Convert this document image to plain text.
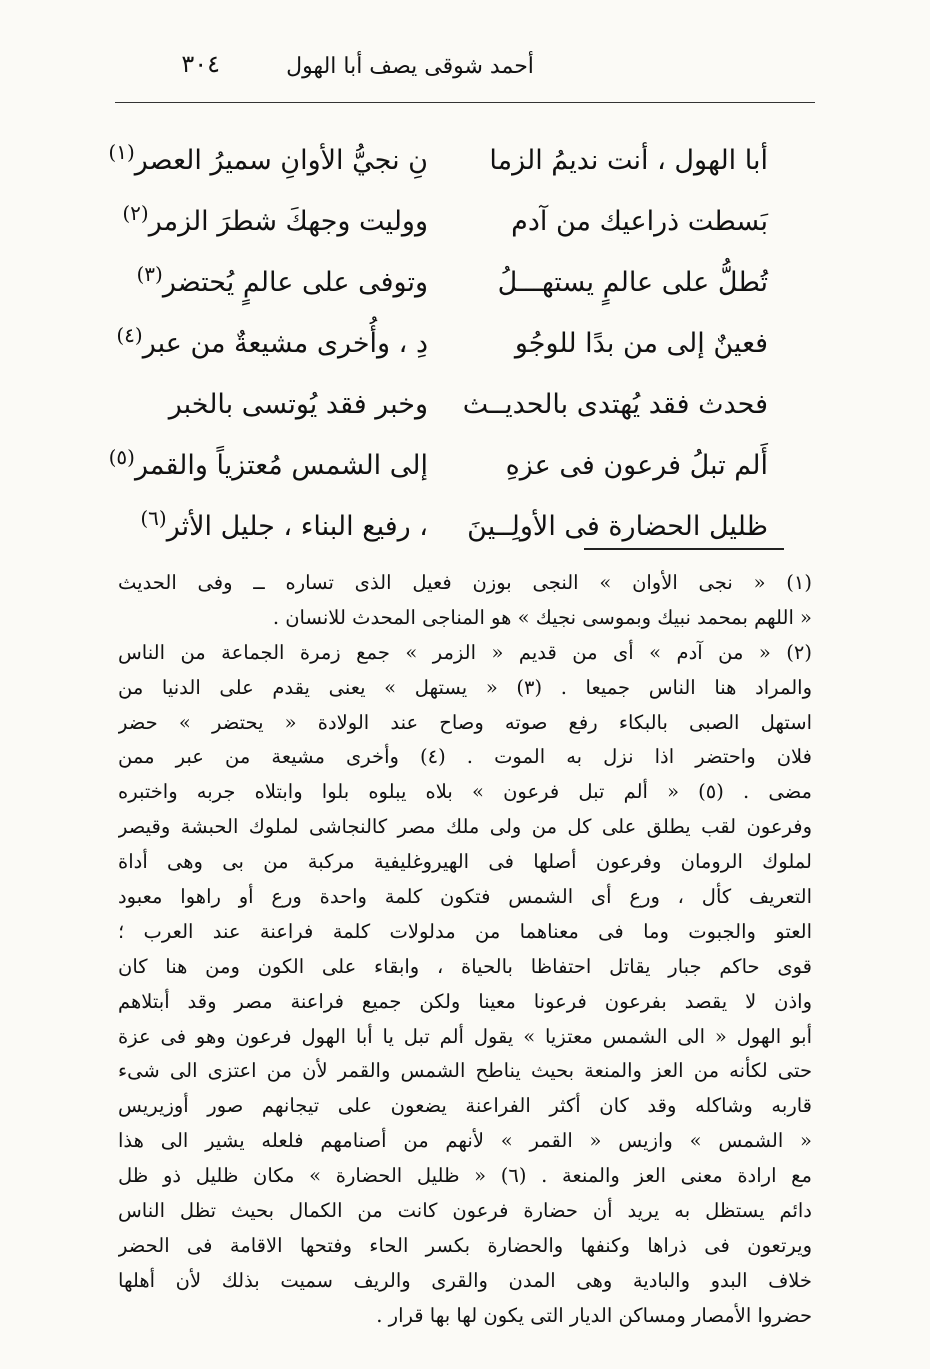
٣٠٤	أحمد شوقى يصف أبا الهول
أبا الهول ، أنت نديمُ الزما
نِ نجيُّ الأوانِ سميرُ العصر$^{(١)}$
بَسطت ذراعيك من آدم
ووليت وجهكَ شطرَ الزمر$^{(٢)}$
تُطلُّ على عالمٍ يستهـــلُ
وتوفى على عالمٍ يُحتضر$^{(٣)}$
فعينٌ إلى من بدًا للوجُو
دِ ، وأُخرى مشيعةٌ من عبر$^{(٤)}$
فحدث فقد يُهتدى بالحديــث
وخبر فقد يُوتسى بالخبر
أَلم تبلُ فرعون فى عزهِ
إلى الشمس مُعتزياً والقمر$^{(٥)}$
ظليل الحضارة فى الأولِــينَ
، رفيع البناء ، جليل الأثر$^{(٦)}$
(١) « نجى الأوان » النجى بوزن فعيل الذى تساره ــ وفى الحديث
« اللهم بمحمد نبيك وبموسى نجيك » هو المناجى المحدث للانسان .
(٢) « من آدم » أى من قديم « الزمر » جمع زمرة الجماعة من الناس
والمراد هنا الناس جميعا . (٣) « يستهل » يعنى يقدم على الدنيا من
استهل الصبى بالبكاء رفع صوته وصاح عند الولادة « يحتضر » حضر
فلان واحتضر اذا نزل به الموت . (٤) وأخرى مشيعة من عبر ممن
مضى . (٥) « ألم تبل فرعون » بلاه يبلوه بلوا وابتلاه جربه واختبره
وفرعون لقب يطلق على كل من ولى ملك مصر كالنجاشى لملوك الحبشة وقيصر
لملوك الرومان وفرعون أصلها فى الهيروغليفية مركبة من بى وهى أداة
التعريف كأل ، ورع أى الشمس فتكون كلمة واحدة ورع أو راهوا معبود
العتو والجبوت وما فى معناهما من مدلولات كلمة فراعنة عند العرب ؛
قوى حاكم جبار يقاتل احتفاظا بالحياة ، وابقاء على الكون ومن هنا كان
واذن لا يقصد بفرعون فرعونا معينا ولكن جميع فراعنة مصر وقد أبتلاهم
أبو الهول « الى الشمس معتزيا » يقول ألم تبل يا أبا الهول فرعون وهو فى عزة
حتى لكأنه من العز والمنعة بحيث يناطح الشمس والقمر لأن من اعتزى الى شىء
قاربه وشاكله وقد كان أكثر الفراعنة يضعون على تيجانهم صور أوزيريس
« الشمس » وازيس « القمر » لأنهم من أصنامهم فلعله يشير الى هذا
مع ارادة معنى العز والمنعة . (٦) « ظليل الحضارة » مكان ظليل ذو ظل
دائم يستظل به يريد أن حضارة فرعون كانت من الكمال بحيث تظل الناس
ويرتعون فى ذراها وكنفها والحضارة بكسر الحاء وفتحها الاقامة فى الحضر
خلاف البدو والبادية وهى المدن والقرى والريف سميت بذلك لأن أهلها
حضروا الأمصار ومساكن الديار التى يكون لها بها قرار .
